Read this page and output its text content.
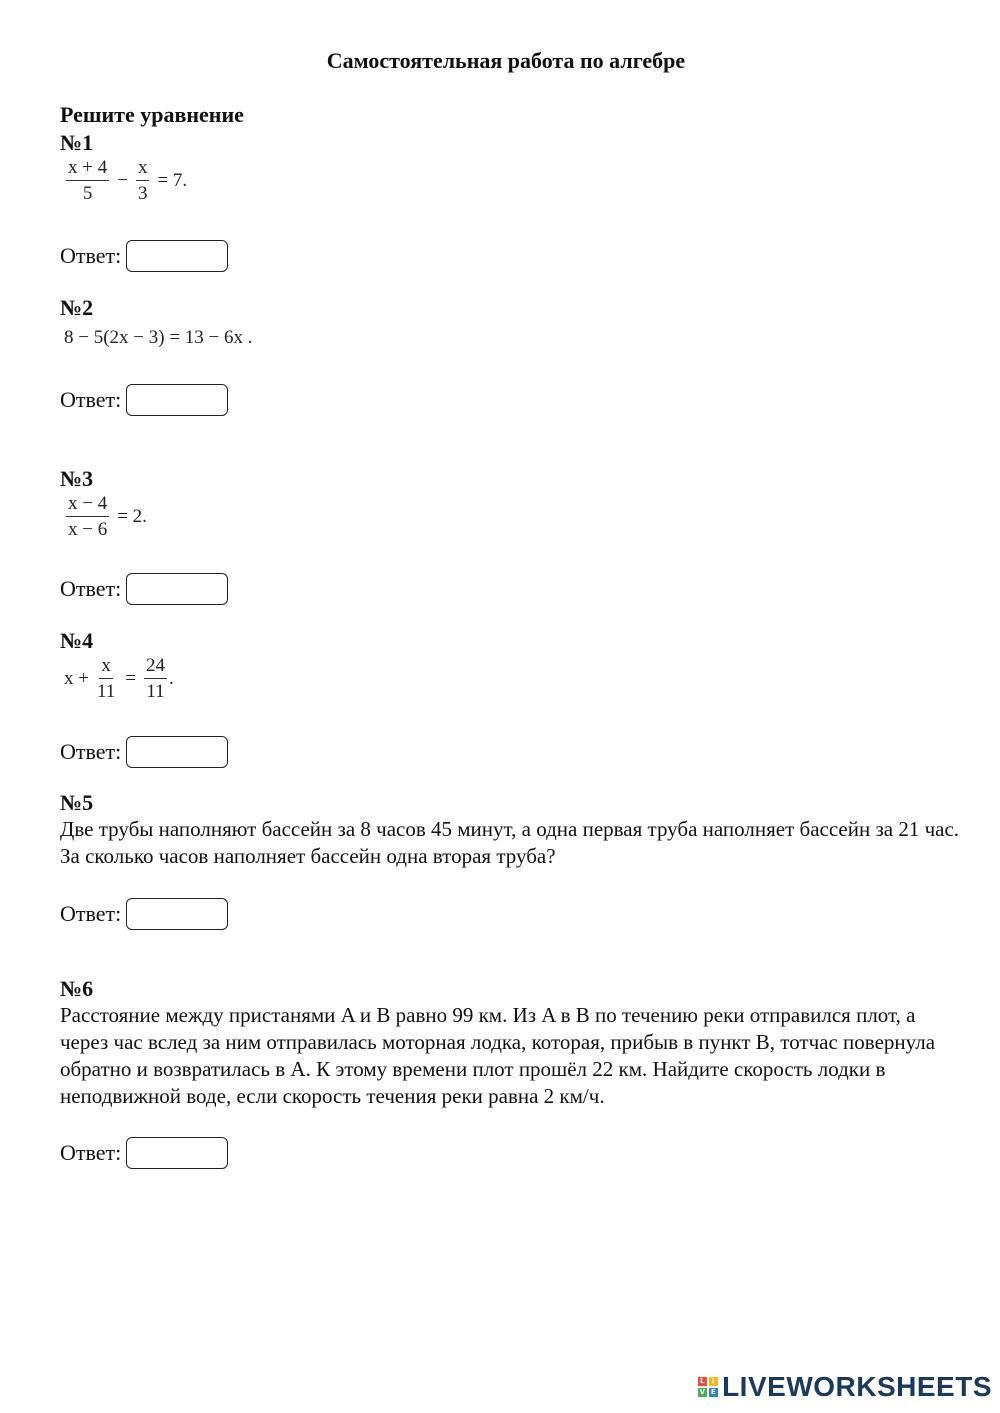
Самостоятельная работа по алгебре
Решите уравнение
№1
$\frac{x + 4}{5} - \frac{x}{3} = 7$.
Ответ:
№2
8 − 5(2x − 3) = 13 − 6x .
Ответ:
№3
$\frac{x - 4}{x - 6} = 2$.
Ответ:
№4
$x + \frac{x}{11} = \frac{24}{11}$ .
Ответ:
№5
Две трубы наполняют бассейн за 8 часов 45 минут, а одна первая труба наполняет бассейн за 21 час. За сколько часов наполняет бассейн одна вторая труба?
Ответ:
№6
Расстояние между пристанями A и B равно 99 км. Из A в B по течению реки отправился плот, а через час вслед за ним отправилась моторная лодка, которая, прибыв в пункт B, тотчас повернула обратно и возвратилась в A. К этому времени плот прошёл 22 км. Найдите скорость лодки в неподвижной воде, если скорость течения реки равна 2 км/ч.
Ответ:
L I
V E LIVEWORKSHEETS
